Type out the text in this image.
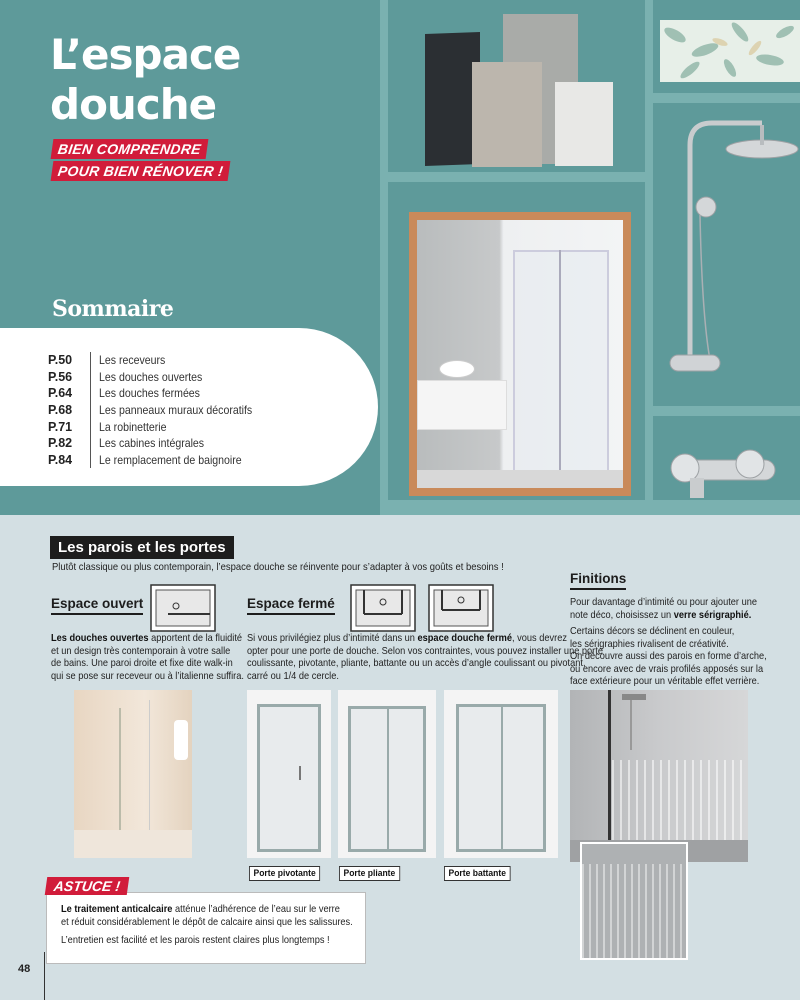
L’espace
douche
BIEN COMPRENDRE
POUR BIEN RÉNOVER !
Sommaire
P.50	Les receveurs
P.56	Les douches ouvertes
P.64	Les douches fermées
P.68	Les panneaux muraux décoratifs
P.71	La robinetterie
P.82	Les cabines intégrales
P.84	Le remplacement de baignoire
Les parois et les portes
Plutôt classique ou plus contemporain, l’espace douche se réinvente pour s’adapter à vos goûts et besoins !
Espace ouvert
Les douches ouvertes apportent de la fluidité
et un design très contemporain à votre salle
de bains. Une paroi droite et fixe dite walk-in
qui se pose sur receveur ou à l’italienne suffira.
Espace fermé
Si vous privilégiez plus d’intimité dans un espace douche fermé, vous devrez
opter pour une porte de douche. Selon vos contraintes, vous pouvez installer une porte
coulissante, pivotante, pliante, battante ou un accès d’angle coulissant ou pivotant,
carré ou 1/4 de cercle.
Finitions
Pour davantage d’intimité ou pour ajouter une
note déco, choisissez un verre sérigraphié.

Certains décors se déclinent en couleur,
les sérigraphies rivalisent de créativité.
On découvre aussi des parois en forme d’arche,
ou encore avec de vrais profilés apposés sur la
face extérieure pour un véritable effet verrière.
Porte pivotante	Porte pliante	Porte battante
Le traitement anticalcaire atténue l’adhérence de l’eau sur le verre
et réduit considérablement le dépôt de calcaire ainsi que les salissures.

L’entretien est facilité et les parois restent claires plus longtemps !
ASTUCE !
48
